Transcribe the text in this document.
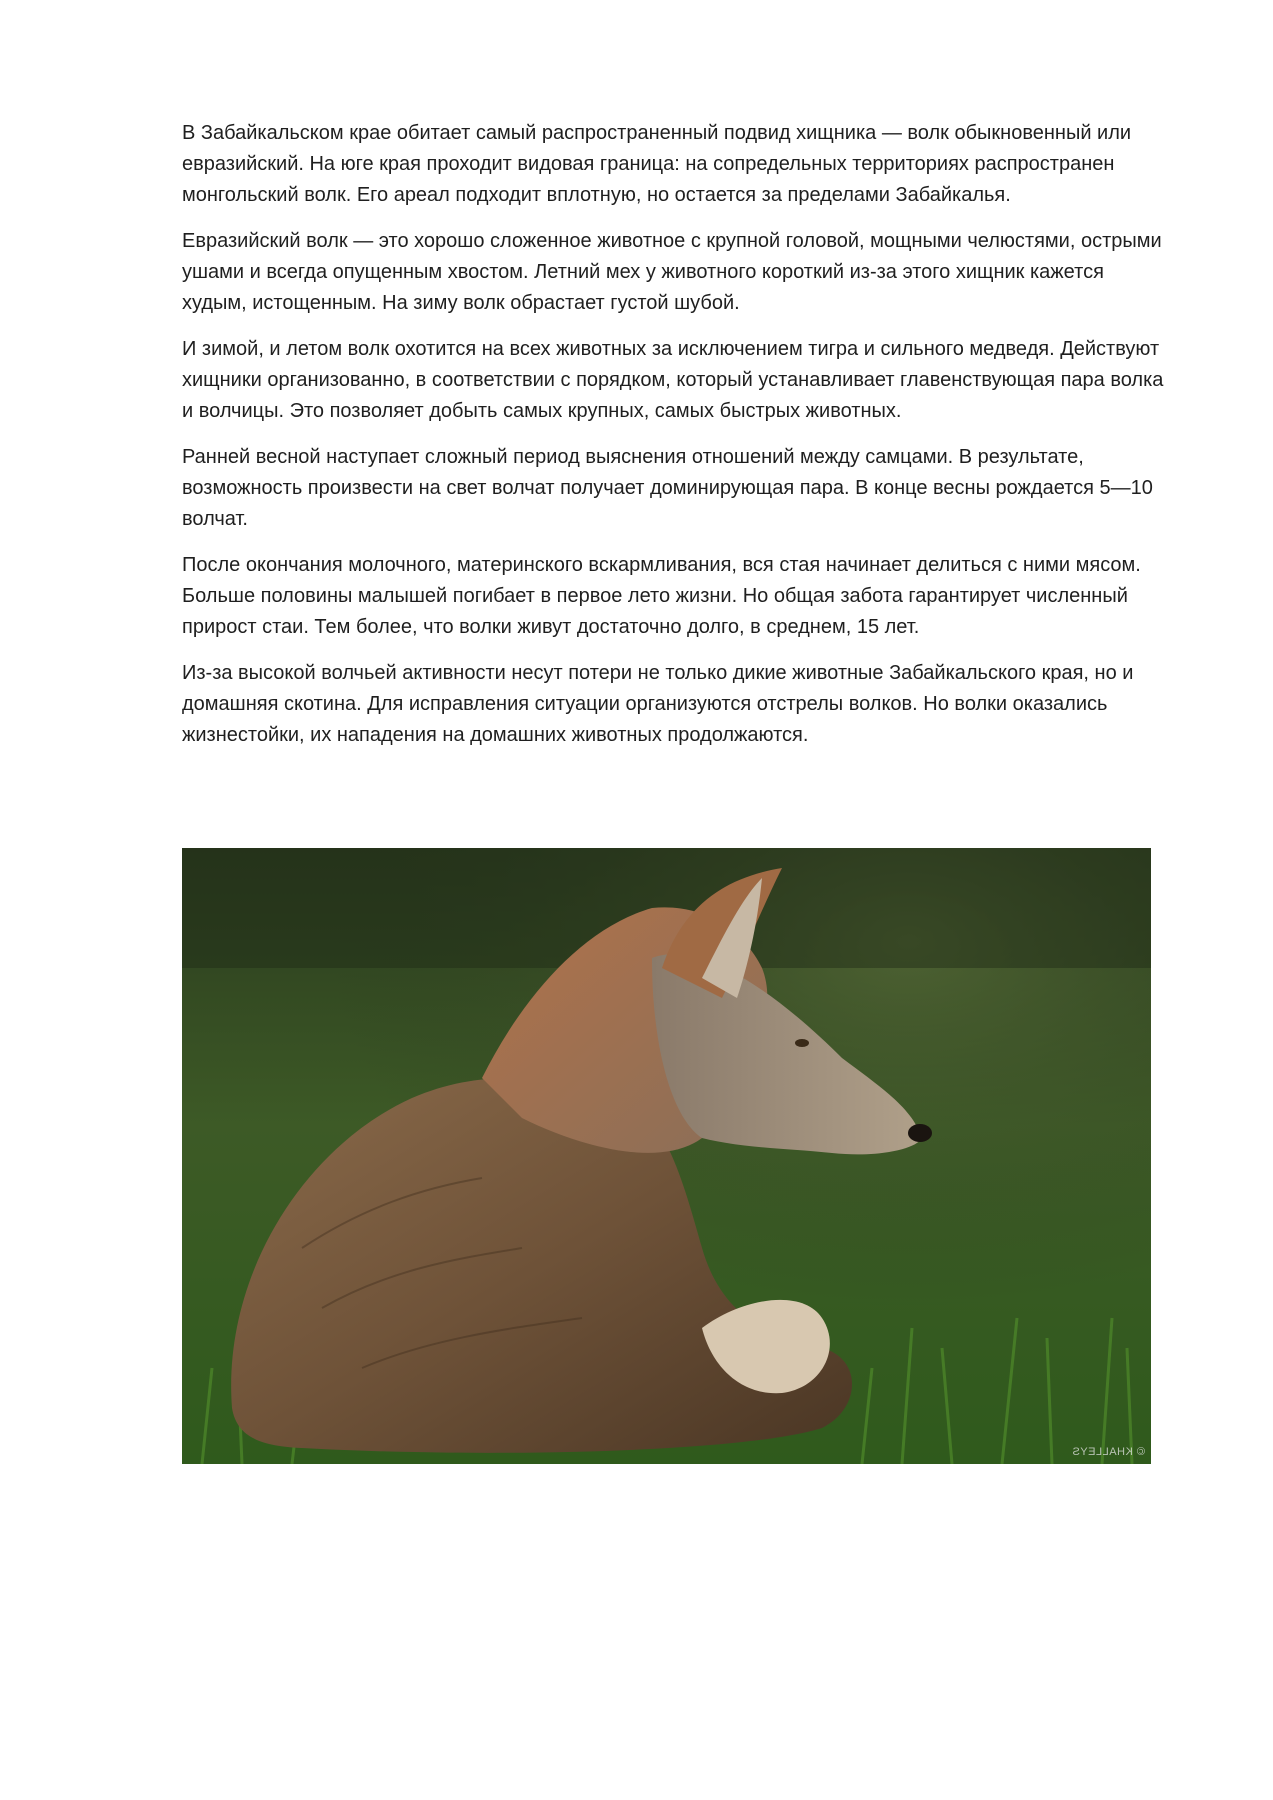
В Забайкальском крае обитает самый распространенный подвид хищника — волк обыкновенный или евразийский. На юге края проходит видовая граница: на сопредельных территориях распространен монгольский волк. Его ареал подходит вплотную, но остается за пределами Забайкалья.

Евразийский волк — это хорошо сложенное животное с крупной головой, мощными челюстями, острыми ушами и всегда опущенным хвостом. Летний мех у животного короткий из-за этого хищник кажется худым, истощенным. На зиму волк обрастает густой шубой.

И зимой, и летом волк охотится на всех животных за исключением тигра и сильного медведя. Действуют хищники организованно, в соответствии с порядком, который устанавливает главенствующая пара волка и волчицы. Это позволяет добыть самых крупных, самых быстрых животных.

Ранней весной наступает сложный период выяснения отношений между самцами. В результате, возможность произвести на свет волчат получает доминирующая пара. В конце весны рождается 5—10 волчат.

После окончания молочного, материнского вскармливания, вся стая начинает делиться с ними мясом. Больше половины малышей погибает в первое лето жизни. Но общая забота гарантирует численный прирост стаи. Тем более, что волки живут достаточно долго, в среднем, 15 лет.

Из-за высокой волчьей активности несут потери не только дикие животные Забайкальского края, но и домашняя скотина. Для исправления ситуации организуются отстрелы волков. Но волки оказались жизнестойки, их нападения на домашних животных продолжаются.

© KHALLEYS
